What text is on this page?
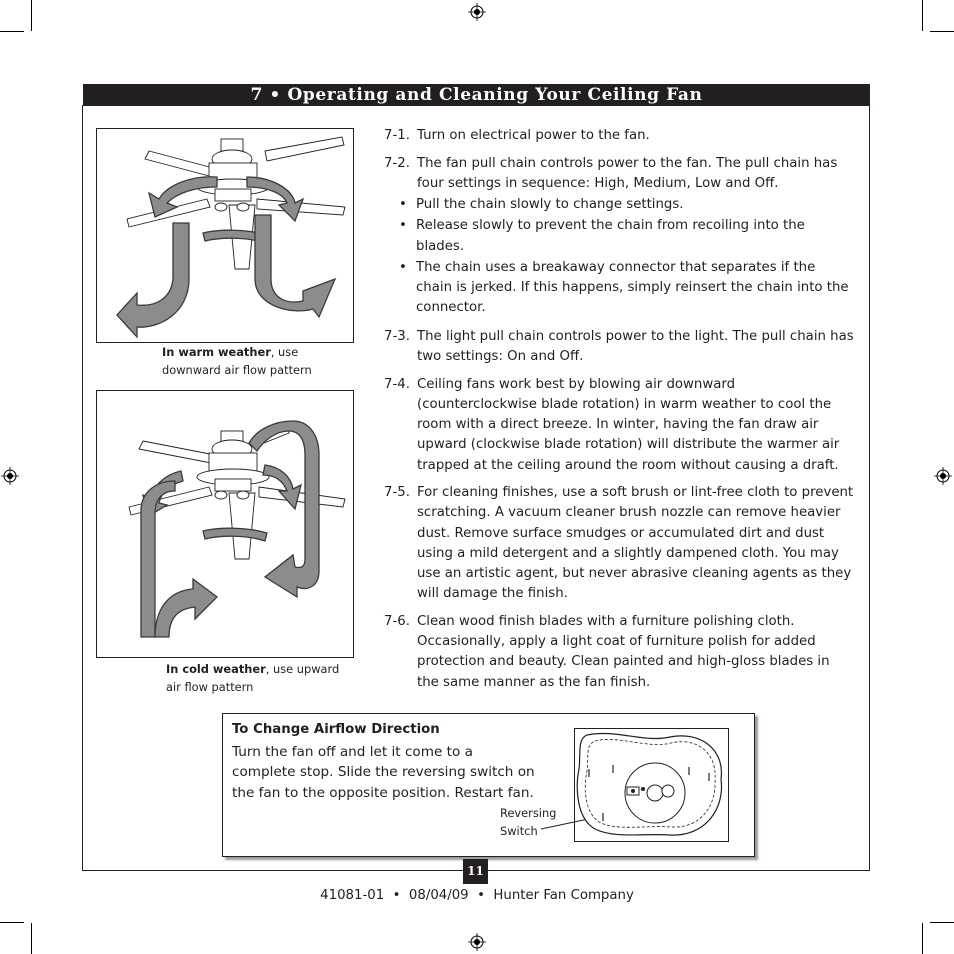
7 • Operating and Cleaning Your Ceiling Fan
In warm weather, use downward air flow pattern
In cold weather, use upward air flow pattern
7-1. Turn on electrical power to the fan.
7-2. The fan pull chain controls power to the fan. The pull chain has four settings in sequence: High, Medium, Low and Off.
• Pull the chain slowly to change settings.
• Release slowly to prevent the chain from recoiling into the blades.
• The chain uses a breakaway connector that separates if the chain is jerked. If this happens, simply reinsert the chain into the connector.
7-3. The light pull chain controls power to the light. The pull chain has two settings: On and Off.
7-4. Ceiling fans work best by blowing air downward (counterclockwise blade rotation) in warm weather to cool the room with a direct breeze. In winter, having the fan draw air upward (clockwise blade rotation) will distribute the warmer air trapped at the ceiling around the room without causing a draft.
7-5. For cleaning finishes, use a soft brush or lint-free cloth to prevent scratching. A vacuum cleaner brush nozzle can remove heavier dust. Remove surface smudges or accumulated dirt and dust using a mild detergent and a slightly dampened cloth. You may use an artistic agent, but never abrasive cleaning agents as they will damage the finish.
7-6. Clean wood finish blades with a furniture polishing cloth. Occasionally, apply a light coat of furniture polish for added protection and beauty. Clean painted and high-gloss blades in the same manner as the fan finish.
To Change Airflow Direction
Turn the fan off and let it come to a complete stop. Slide the reversing switch on the fan to the opposite position. Restart fan.
Reversing
Switch
11
41081-01  •  08/04/09  •  Hunter Fan Company
